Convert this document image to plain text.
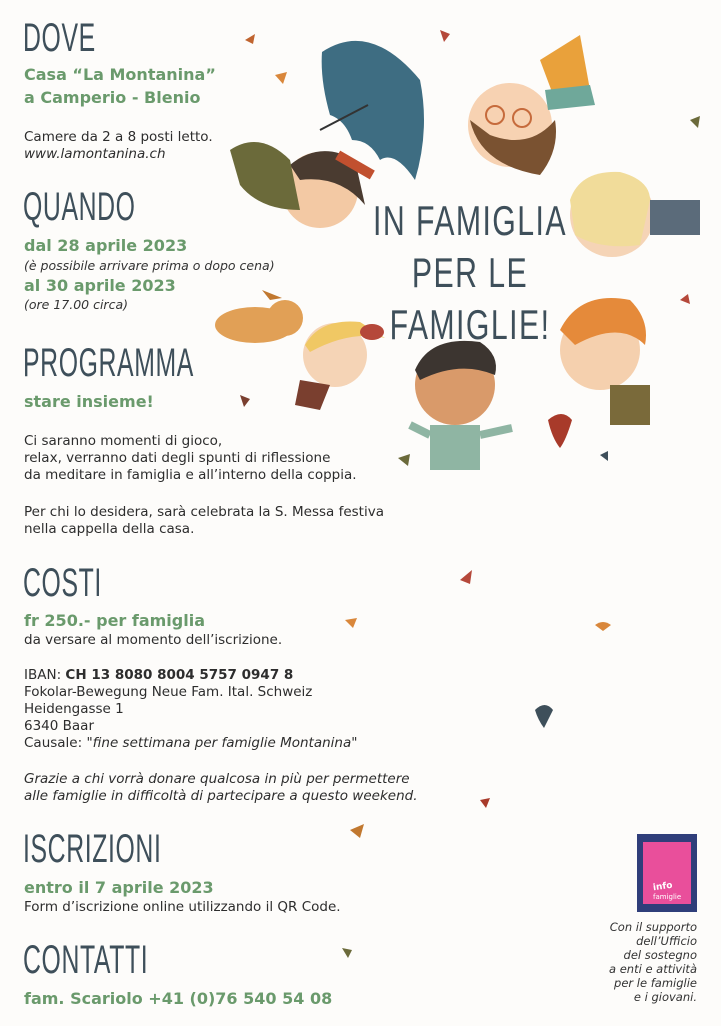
IN FAMIGLIA
PER LE FAMIGLIE!
DOVE
Casa “La Montanina”
a Camperio - Blenio
Camere da 2 a 8 posti letto.
www.lamontanina.ch
QUANDO
dal 28 aprile 2023
(è possibile arrivare prima o dopo cena)
al 30 aprile 2023
(ore 17.00 circa)
PROGRAMMA
stare insieme!
Ci saranno momenti di gioco,
relax, verranno dati degli spunti di riflessione
da meditare in famiglia e all’interno della coppia.
Per chi lo desidera, sarà celebrata la S. Messa festiva
nella cappella della casa.
COSTI
fr 250.- per famiglia
da versare al momento dell’iscrizione.
IBAN: CH 13 8080 8004 5757 0947 8
Fokolar-Bewegung Neue Fam. Ital. Schweiz
Heidengasse 1
6340 Baar
Causale: "fine settimana per famiglie Montanina"
Grazie a chi vorrà donare qualcosa in più per permettere
alle famiglie in difficoltà di partecipare a questo weekend.
ISCRIZIONI
entro il 7 aprile 2023
Form d’iscrizione online utilizzando il QR Code.
CONTATTI
fam. Scariolo +41 (0)76 540 54 08
info
famiglie
Con il supporto
dell’Ufficio
del sostegno
a enti e attività
per le famiglie
e i giovani.
